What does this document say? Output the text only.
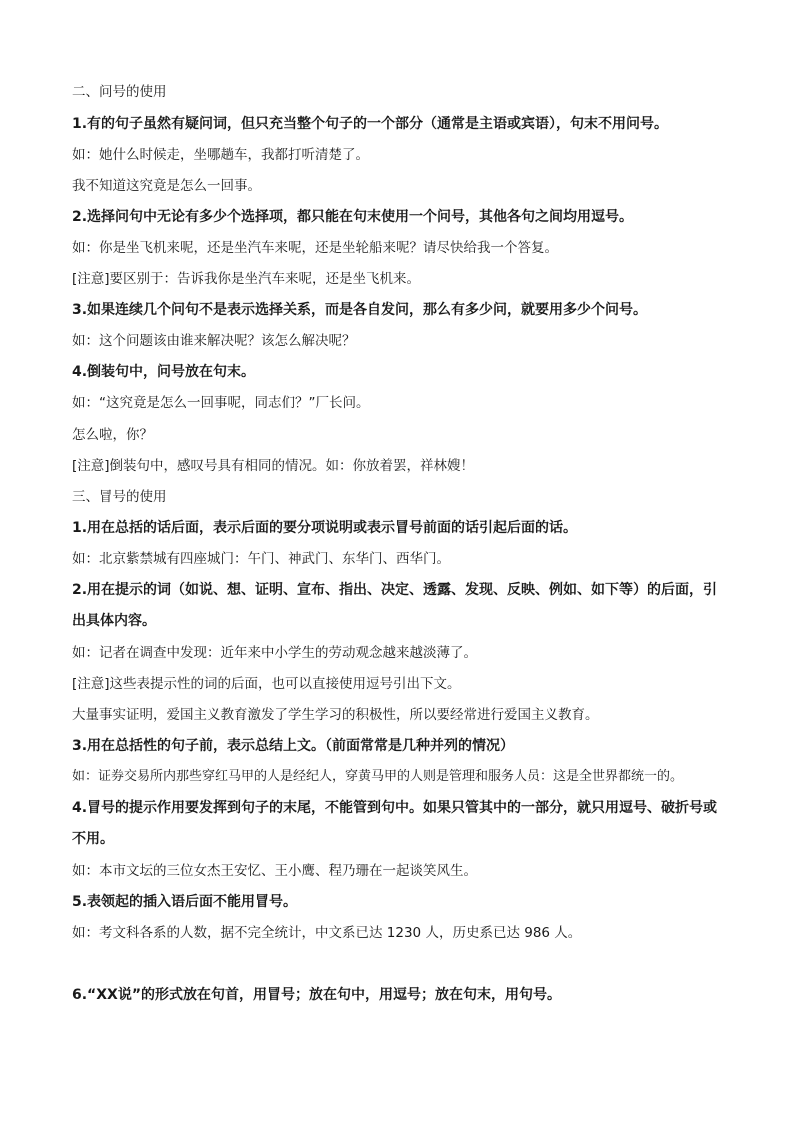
二、问号的使用
1.有的句子虽然有疑问词，但只充当整个句子的一个部分（通常是主语或宾语），句末不用问号。
如：她什么时候走，坐哪趟车，我都打听清楚了。
我不知道这究竟是怎么一回事。
2.选择问句中无论有多少个选择项，都只能在句末使用一个问号，其他各句之间均用逗号。
如：你是坐飞机来呢，还是坐汽车来呢，还是坐轮船来呢？请尽快给我一个答复。
[注意]要区别于：告诉我你是坐汽车来呢，还是坐飞机来。
3.如果连续几个问句不是表示选择关系，而是各自发问，那么有多少问，就要用多少个问号。
如：这个问题该由谁来解决呢？该怎么解决呢？
4.倒装句中，问号放在句末。
如：“这究竟是怎么一回事呢，同志们？”厂长问。
怎么啦，你？
[注意]倒装句中，感叹号具有相同的情况。如：你放着罢，祥林嫂！
三、冒号的使用
1.用在总括的话后面，表示后面的要分项说明或表示冒号前面的话引起后面的话。
如：北京紫禁城有四座城门：午门、神武门、东华门、西华门。
2.用在提示的词（如说、想、证明、宣布、指出、决定、透露、发现、反映、例如、如下等）的后面，引出具体内容。
如：记者在调查中发现：近年来中小学生的劳动观念越来越淡薄了。
[注意]这些表提示性的词的后面，也可以直接使用逗号引出下文。
大量事实证明，爱国主义教育激发了学生学习的积极性，所以要经常进行爱国主义教育。
3.用在总括性的句子前，表示总结上文。（前面常常是几种并列的情况）
如：证券交易所内那些穿红马甲的人是经纪人，穿黄马甲的人则是管理和服务人员：这是全世界都统一的。
4.冒号的提示作用要发挥到句子的末尾，不能管到句中。如果只管其中的一部分，就只用逗号、破折号或不用。
如：本市文坛的三位女杰王安忆、王小鹰、程乃珊在一起谈笑风生。
5.表领起的插入语后面不能用冒号。
如：考文科各系的人数，据不完全统计，中文系已达 1230 人，历史系已达 986 人。
6.“XX说”的形式放在句首，用冒号；放在句中，用逗号；放在句末，用句号。
